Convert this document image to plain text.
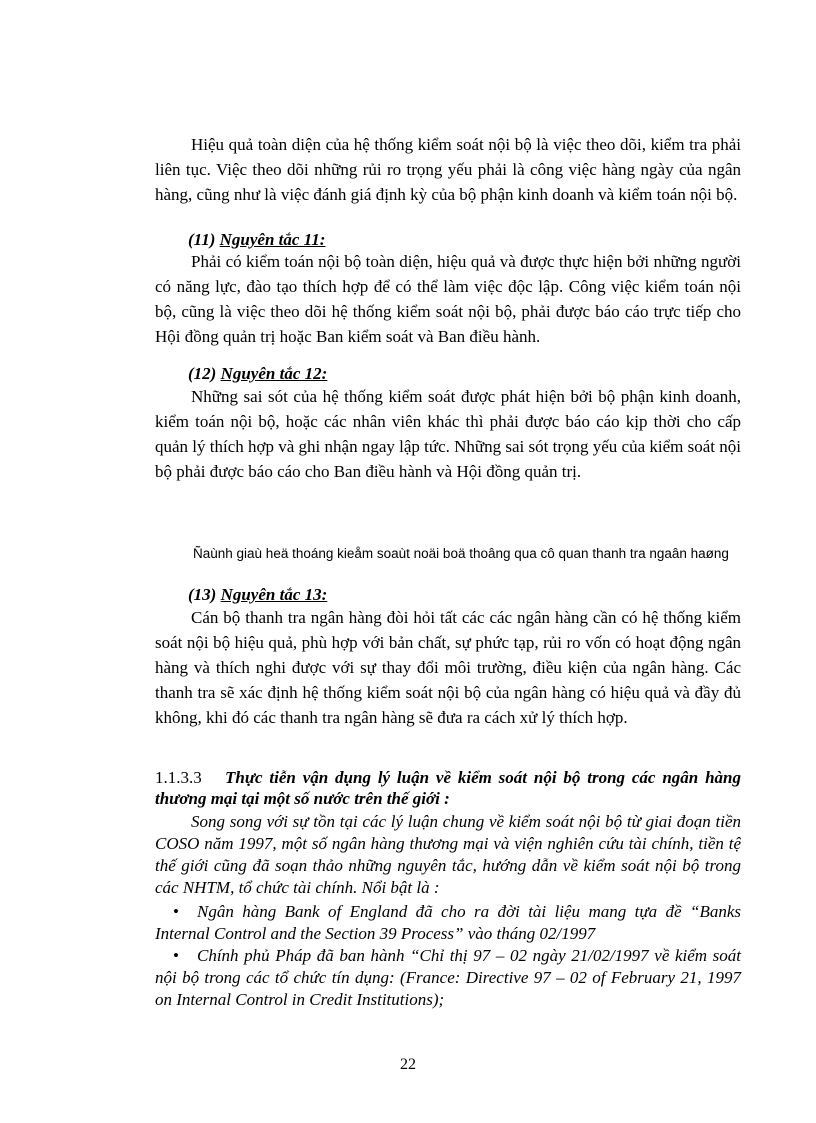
Hiệu quả toàn diện của hệ thống kiểm soát nội bộ là việc theo dõi, kiểm tra phải liên tục. Việc theo dõi những rủi ro trọng yếu phải là công việc hàng ngày của ngân hàng, cũng như là việc đánh giá định kỳ của bộ phận kinh doanh và kiểm toán nội bộ.

(11) Nguyên tắc 11:

Phải có kiểm toán nội bộ toàn diện, hiệu quả và được thực hiện bởi những người có năng lực, đào tạo thích hợp để có thể làm việc độc lập. Công việc kiểm toán nội bộ, cũng là việc theo dõi hệ thống kiểm soát nội bộ, phải được báo cáo trực tiếp cho Hội đồng quản trị hoặc Ban kiểm soát và Ban điều hành.

(12) Nguyên tắc 12:

Những sai sót của hệ thống kiểm soát được phát hiện bởi bộ phận kinh doanh, kiểm toán nội bộ, hoặc các nhân viên khác thì phải được báo cáo kịp thời cho cấp quản lý thích hợp và ghi nhận ngay lập tức. Những sai sót trọng yếu của kiểm soát nội bộ phải được báo cáo cho Ban điều hành và Hội đồng quản trị.

Ñaùnh giaù heä thoáng kieåm soaùt noäi boä thoâng qua cô quan thanh tra ngaân haøng

(13) Nguyên tắc 13:

Cán bộ thanh tra ngân hàng đòi hỏi tất các các ngân hàng cần có hệ thống kiểm soát nội bộ hiệu quả, phù hợp với bản chất, sự phức tạp, rủi ro vốn có hoạt động ngân hàng và thích nghi được với sự thay đổi môi trường, điều kiện của ngân hàng. Các thanh tra sẽ xác định hệ thống kiểm soát nội bộ của ngân hàng có hiệu quả và đầy đủ không, khi đó các thanh tra ngân hàng sẽ đưa ra cách xử lý thích hợp.

1.1.3.3 Thực tiễn vận dụng lý luận về kiểm soát nội bộ trong các ngân hàng thương mại tại một số nước trên thế giới :

Song song với sự tồn tại các lý luận chung về kiểm soát nội bộ từ giai đoạn tiền COSO năm 1997, một số ngân hàng thương mại và viện nghiên cứu tài chính, tiền tệ thế giới cũng đã soạn thảo những nguyên tắc, hướng dẫn về kiểm soát nội bộ trong các NHTM, tổ chức tài chính. Nổi bật là :

• Ngân hàng Bank of England đã cho ra đời tài liệu mang tựa đề “Banks Internal Control and the Section 39 Process” vào tháng 02/1997

• Chính phủ Pháp đã ban hành “Chỉ thị 97 – 02 ngày 21/02/1997 về kiểm soát nội bộ trong các tổ chức tín dụng: (France: Directive 97 – 02 of February 21, 1997 on Internal Control in Credit Institutions);

22
